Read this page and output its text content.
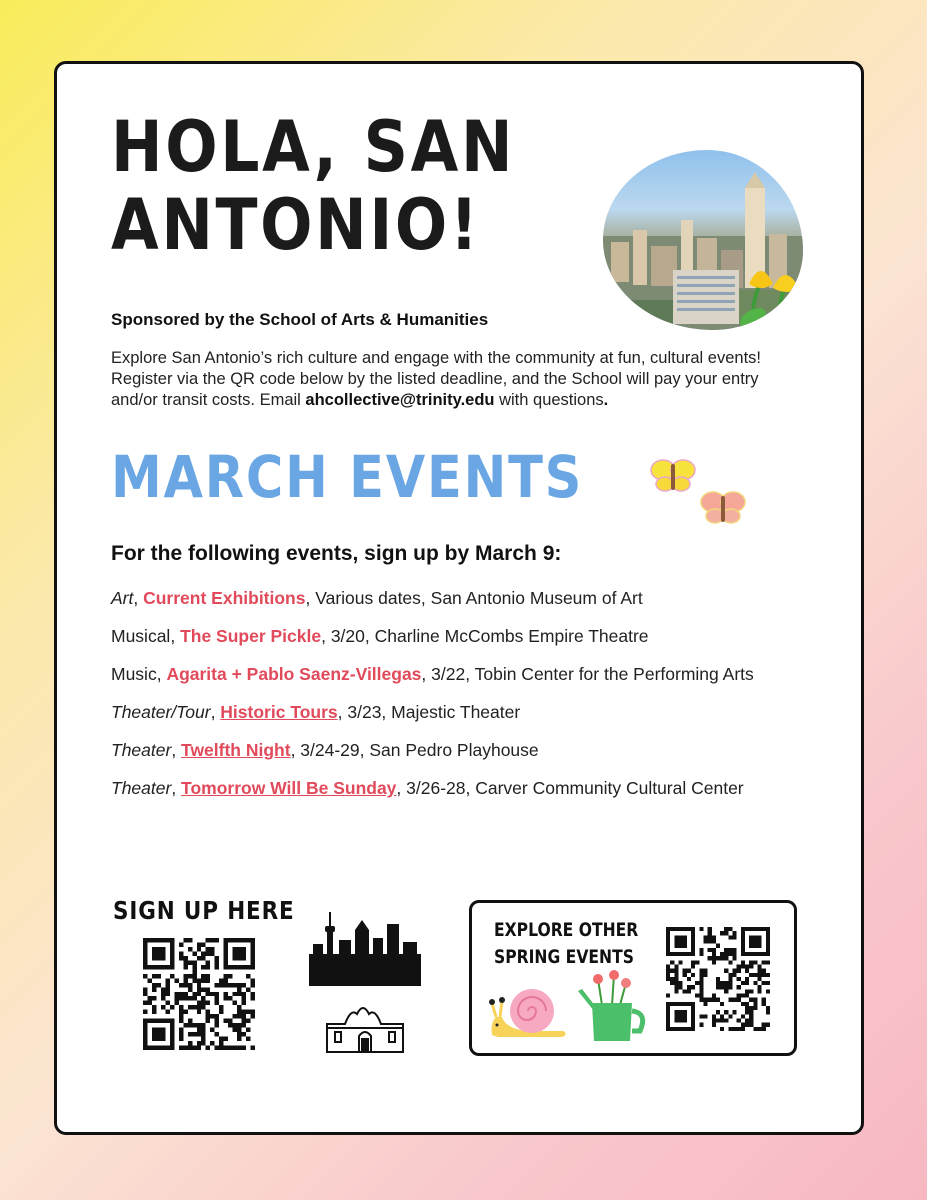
HOLA, SAN
ANTONIO!
Sponsored by the School of Arts & Humanities

Explore San Antonio’s rich culture and engage with the community at fun, cultural events! Register via the QR code below by the listed deadline, and the School will pay your entry and/or transit costs. Email ahcollective@trinity.edu with questions.

MARCH EVENTS
For the following events, sign up by March 9:
Art, Current Exhibitions, Various dates, San Antonio Museum of Art
Musical, The Super Pickle, 3/20, Charline McCombs Empire Theatre
Music, Agarita + Pablo Saenz-Villegas, 3/22, Tobin Center for the Performing Arts
Theater/Tour, Historic Tours, 3/23, Majestic Theater
Theater, Twelfth Night, 3/24-29, San Pedro Playhouse
Theater, Tomorrow Will Be Sunday, 3/26-28, Carver Community Cultural Center
SIGN UP HERE
EXPLORE OTHER
SPRING EVENTS
